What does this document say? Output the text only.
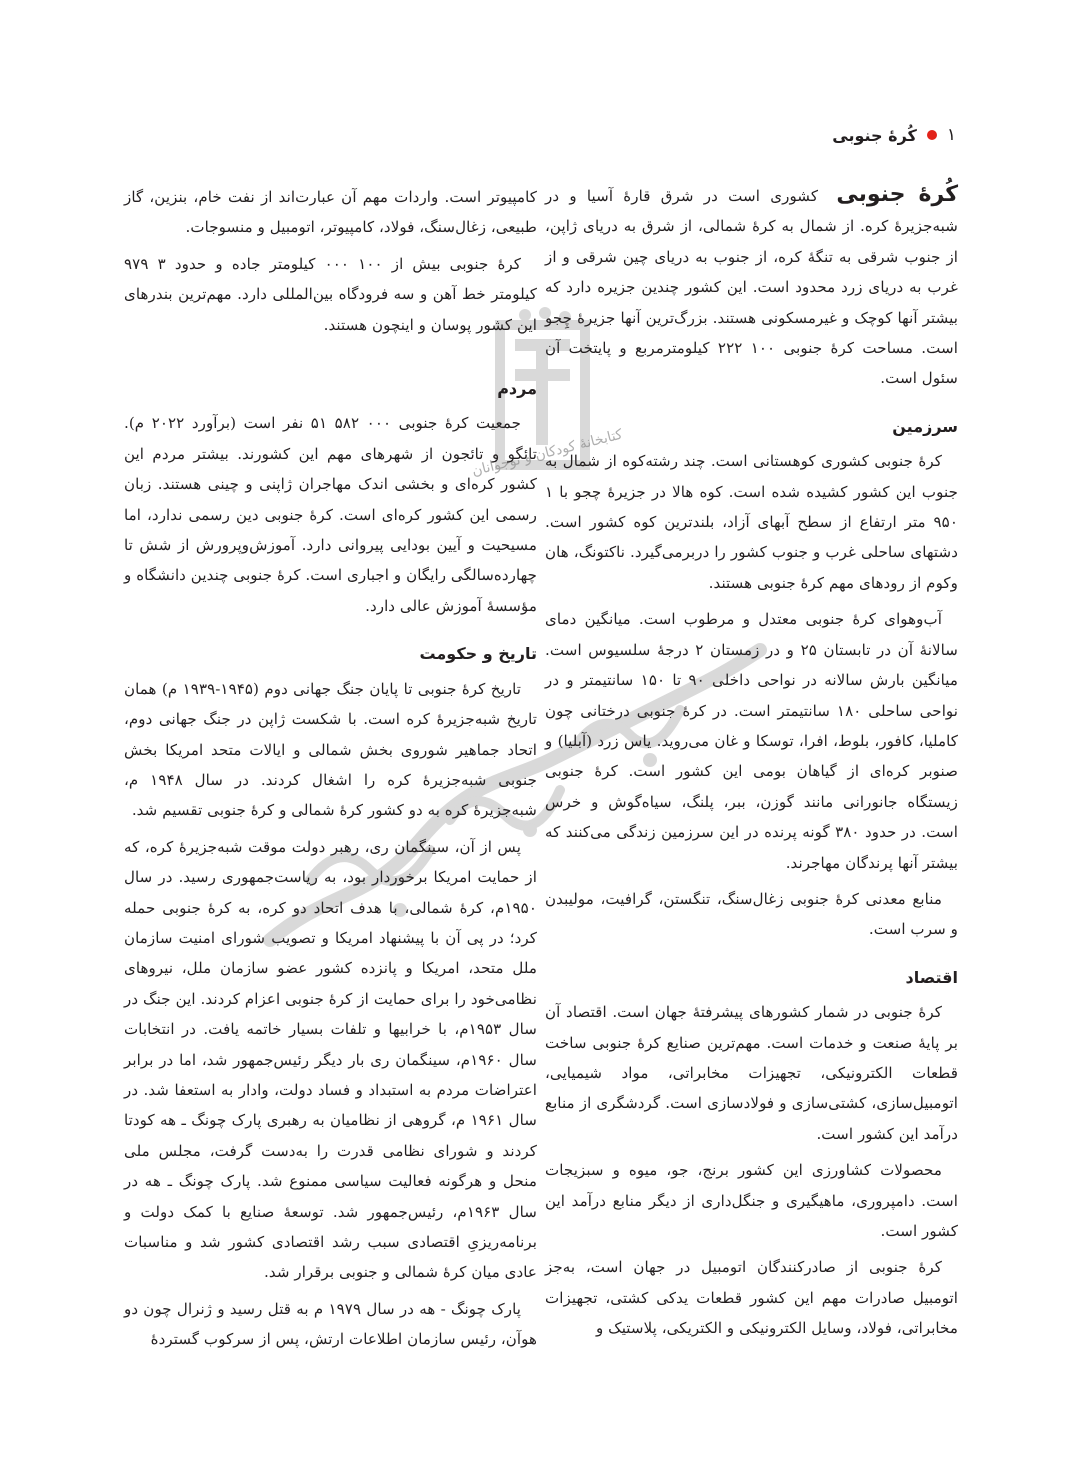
کُرهٔ جنوبی ۱
کتابخانهٔ کودکان و نوجوانان

کُرهٔ جنوبی کشوری است در شرق قارهٔ آسیا و در شبه‌جزیرهٔ کره. از شمال به کرهٔ شمالی، از شرق به دریای ژاپن، از جنوب شرقی به تنگهٔ کره، از جنوب به دریای چین شرقی و از غرب به دریای زرد محدود است. این کشور چندین جزیره دارد که بیشتر آنها کوچک و غیرمسکونی هستند. بزرگ‌ترین آنها جزیرهٔ چِجو است. مساحت کرهٔ جنوبی ۱۰۰ ۲۲۲ کیلومترمربع و پایتخت آن سئول است.

سرزمین

کرهٔ جنوبی کشوری کوهستانی است. چند رشته‌کوه از شمال به جنوب این کشور کشیده شده است. کوه هالا در جزیرهٔ چجو با ۱ ۹۵۰ متر ارتفاع از سطح آبهای آزاد، بلندترین کوه کشور است. دشتهای ساحلی غرب و جنوب کشور را دربرمی‌گیرد. ناکتونگ، هان وکوم از رودهای مهم کرهٔ جنوبی هستند.

آب‌وهوای کرهٔ جنوبی معتدل و مرطوب است. میانگین دمای سالانهٔ آن در تابستان ۲۵ و در زمستان ۲ درجهٔ سلسیوس است. میانگین بارش سالانه در نواحی داخلی ۹۰ تا ۱۵۰ سانتیمتر و در نواحی ساحلی ۱۸۰ سانتیمتر است. در کرهٔ جنوبی درختانی چون کاملیا، کافور، بلوط، افرا، توسکا و غان می‌روید. یاس زرد (آبلیا) و صنوبر کره‌ای از گیاهان بومی این کشور است. کرهٔ جنوبی زیستگاه جانورانی مانند گوزن، ببر، پلنگ، سیاه‌گوش و خرس است. در حدود ۳۸۰ گونه پرنده در این سرزمین زندگی می‌کنند که بیشتر آنها پرندگان مهاجرند.

منابع معدنی کرهٔ جنوبی زغال‌سنگ، تنگستن، گرافیت، مولیبدن و سرب است.

اقتصاد

کرهٔ جنوبی در شمار کشورهای پیشرفتهٔ جهان است. اقتصاد آن بر پایهٔ صنعت و خدمات است. مهم‌ترین صنایع کرهٔ جنوبی ساخت قطعات الکترونیکی، تجهیزات مخابراتی، مواد شیمیایی، اتومبیل‌سازی، کشتی‌سازی و فولادسازی است. گردشگری از منابع درآمد این کشور است.

محصولات کشاورزی این کشور برنج، جو، میوه و سبزیجات است. دامپروری، ماهیگیری و جنگل‌داری از دیگر منابع درآمد این کشور است.

کرهٔ جنوبی از صادرکنندگان اتومبیل در جهان است، به‌جز اتومبیل صادرات مهم این کشور قطعات یدکی کشتی، تجهیزات مخابراتی، فولاد، وسایل الکترونیکی و الکتریکی، پلاستیک و

کامپیوتر است. واردات مهم آن عبارت‌اند از نفت خام، بنزین، گاز طبیعی، زغال‌سنگ، فولاد، کامپیوتر، اتومبیل و منسوجات.

کرهٔ جنوبی بیش از ۱۰۰ ۰۰۰ کیلومتر جاده و حدود ۳ ۹۷۹ کیلومتر خط آهن و سه فرودگاه بین‌المللی دارد. مهم‌ترین بندرهای این کشور پوسان و اینچون هستند.

مردم

جمعیت کرهٔ جنوبی ۰۰۰ ۵۸۲ ۵۱ نفر است (برآورد ۲۰۲۲ م). تائگو و تائجون از شهرهای مهم این کشورند. بیشتر مردم این کشور کره‌ای و بخشی اندک مهاجران ژاپنی و چینی هستند. زبان رسمی این کشور کره‌ای است. کرهٔ جنوبی دین رسمی ندارد، اما مسیحیت و آیین بودایی پیروانی دارد. آموزش‌وپرورش از شش تا چهارده‌سالگی رایگان و اجباری است. کرهٔ جنوبی چندین دانشگاه و مؤسسهٔ آموزش عالی دارد.

تاریخ و حکومت

تاریخ کرهٔ جنوبی تا پایان جنگ جهانی دوم (۱۹۴۵-۱۹۳۹ م) همان تاریخ شبه‌جزیرهٔ کره است. با شکست ژاپن در جنگ جهانی دوم، اتحاد جماهیر شوروی بخش شمالی و ایالات متحد امریکا بخش جنوبی شبه‌جزیرهٔ کره را اشغال کردند. در سال ۱۹۴۸ م، شبه‌جزیرهٔ کره به دو کشور کرهٔ شمالی و کرهٔ جنوبی تقسیم شد.

پس از آن، سینگمان ری، رهبر دولت موقت شبه‌جزیرهٔ کره، که از حمایت امریکا برخوردار بود، به ریاست‌جمهوری رسید. در سال ۱۹۵۰م، کرهٔ شمالی، با هدف اتحاد دو کره، به کرهٔ جنوبی حمله کرد؛ در پی آن با پیشنهاد امریکا و تصویب شورای امنیت سازمان ملل متحد، امریکا و پانزده کشور عضو سازمان ملل، نیروهای نظامی‌خود را برای حمایت از کرهٔ جنوبی اعزام کردند. این جنگ در سال ۱۹۵۳م، با خرابیها و تلفات بسیار خاتمه یافت. در انتخابات سال ۱۹۶۰م، سینگمان ری بار دیگر رئیس‌جمهور شد، اما در برابر اعتراضات مردم به استبداد و فساد دولت، وادار به استعفا شد. در سال ۱۹۶۱ م، گروهی از نظامیان به رهبری پارک چونگ ـ هه کودتا کردند و شورای نظامی قدرت را به‌دست گرفت، مجلس ملی منحل و هرگونه فعالیت سیاسی ممنوع شد. پارک چونگ ـ هه در سال ۱۹۶۳م، رئیس‌جمهور شد. توسعهٔ صنایع با کمک دولت و برنامه‌ریزیِ اقتصادی سبب رشد اقتصادی کشور شد و مناسبات عادی میان کرهٔ شمالی و جنوبی برقرار شد.

پارک چونگ - هه در سال ۱۹۷۹ م به قتل رسید و ژنرال چون دو هوآن، رئیس سازمان اطلاعات ارتش، پس از سرکوب گستردهٔ
